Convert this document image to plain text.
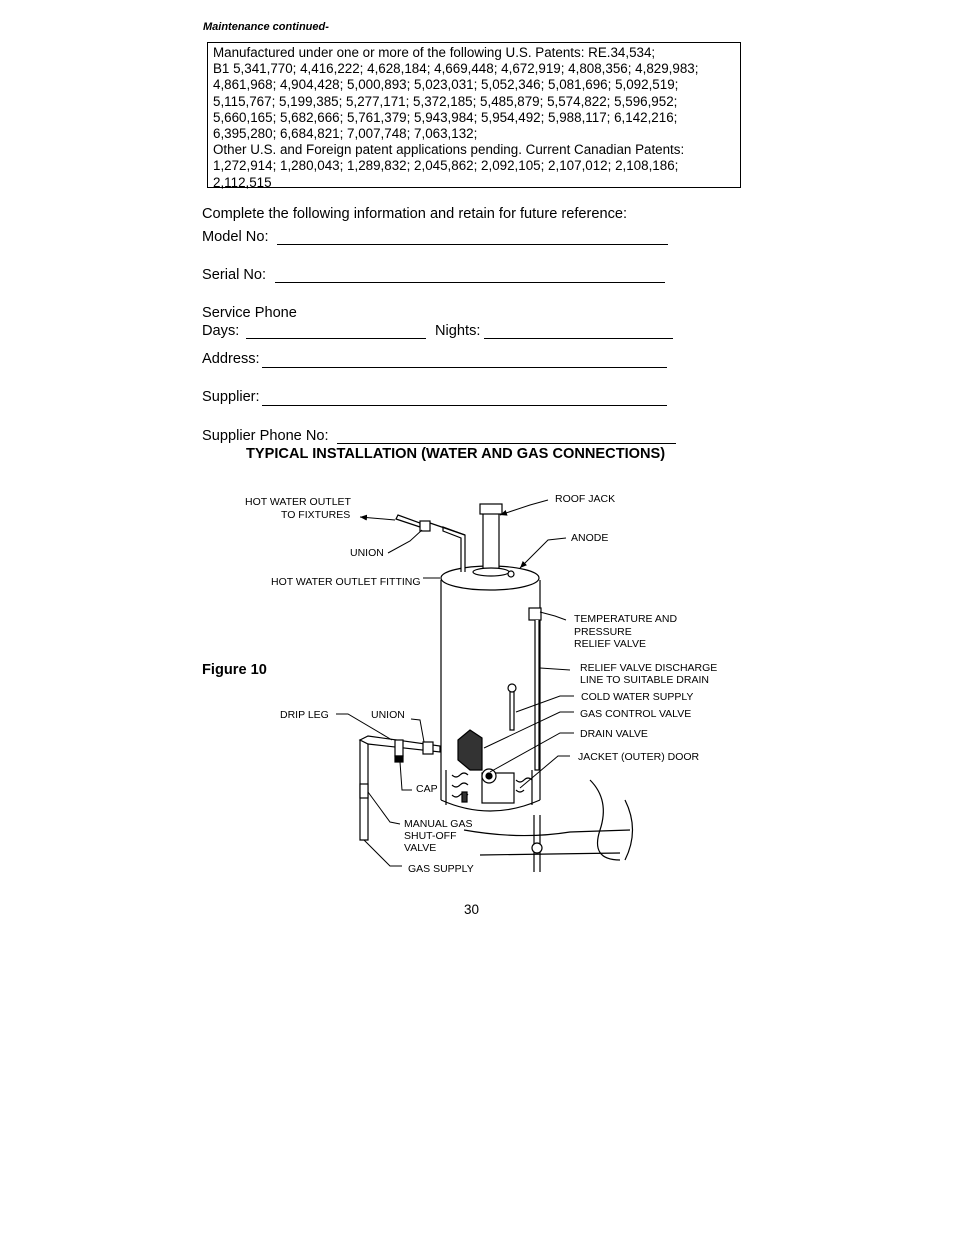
Maintenance continued-
Manufactured under one or more of the following U.S. Patents: RE.34,534;
B1 5,341,770; 4,416,222; 4,628,184; 4,669,448; 4,672,919; 4,808,356; 4,829,983;
4,861,968; 4,904,428; 5,000,893; 5,023,031; 5,052,346; 5,081,696; 5,092,519;
5,115,767; 5,199,385; 5,277,171; 5,372,185; 5,485,879; 5,574,822; 5,596,952;
5,660,165; 5,682,666; 5,761,379; 5,943,984; 5,954,492; 5,988,117; 6,142,216;
6,395,280; 6,684,821; 7,007,748; 7,063,132;
Other U.S. and Foreign patent applications pending. Current Canadian Patents:
1,272,914; 1,280,043; 1,289,832; 2,045,862; 2,092,105; 2,107,012; 2,108,186;
2,112,515
Complete the following information and retain for future reference:
Model No:
Serial No:
Service Phone
Days:	Nights:
Address:
Supplier:
Supplier Phone No:
TYPICAL INSTALLATION (WATER AND GAS CONNECTIONS)
Figure 10
HOT WATER OUTLET
TO FIXTURES
UNION
HOT WATER OUTLET FITTING
ROOF JACK
ANODE
TEMPERATURE AND
PRESSURE
RELIEF VALVE
RELIEF VALVE DISCHARGE
LINE TO SUITABLE DRAIN
COLD WATER SUPPLY
GAS CONTROL VALVE
DRAIN VALVE
JACKET (OUTER) DOOR
DRIP LEG	UNION
CAP
MANUAL GAS
SHUT-OFF
VALVE
GAS SUPPLY
30
